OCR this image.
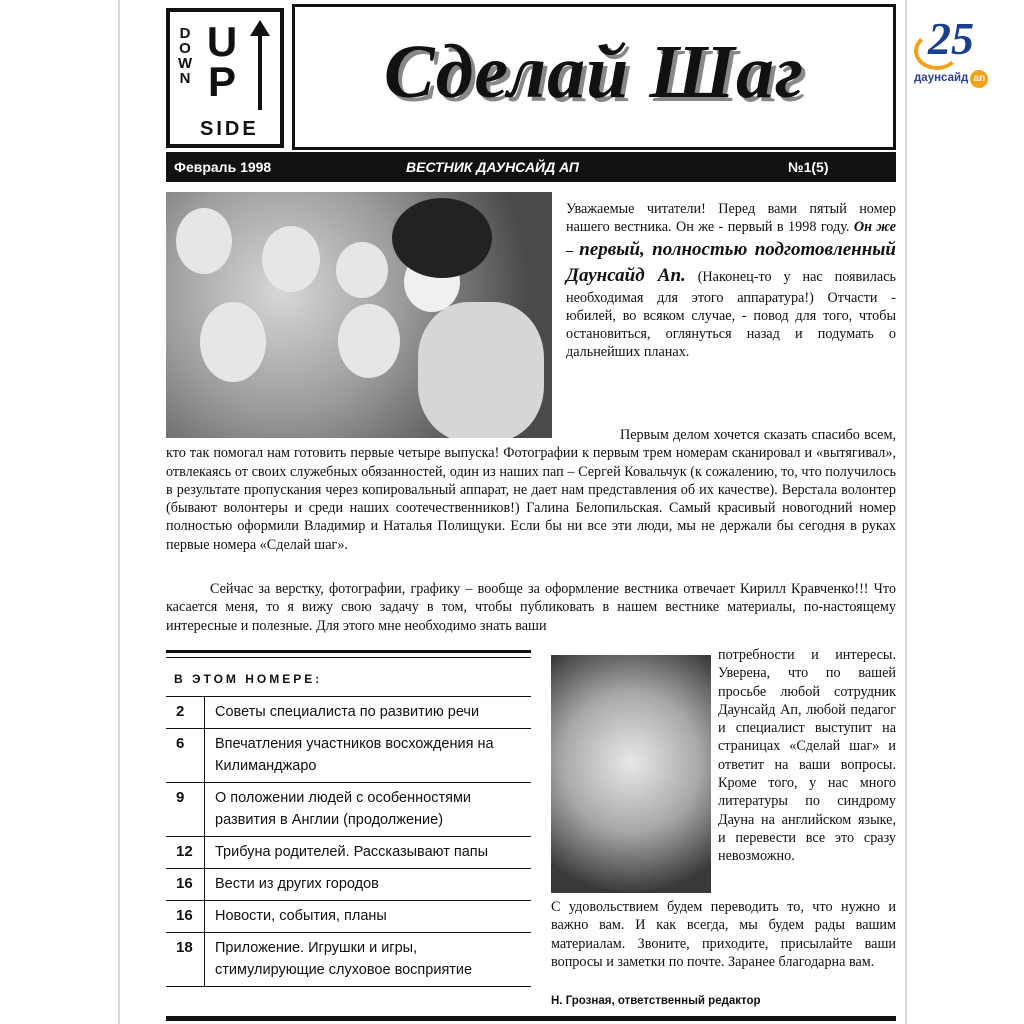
D
O
W
N
U
P
SIDE
Сделай Шаг
Февраль 1998	ВЕСТНИК ДАУНСАЙД АП	№1(5)
Уважаемые читатели! Перед вами пятый номер нашего вестника. Он же - первый в 1998 году. Он же – первый, полностью подготовленный Даунсайд Ап. (Наконец-то у нас появилась необходимая для этого аппаратура!) Отчасти - юбилей, во всяком случае, - повод для того, чтобы остановиться, оглянуться назад и подумать о дальнейших планах.
Первым делом хочется сказать спасибо всем, кто так помогал нам готовить первые четыре выпуска! Фотографии к первым трем номерам сканировал и «вытягивал», отвлекаясь от своих служебных обязанностей, один из наших пап – Сергей Ковальчук (к сожалению, то, что получилось в результате пропускания через копировальный аппарат, не дает нам представления об их качестве). Верстала волонтер (бывают волонтеры и среди наших соотечественников!) Галина Белопильская. Самый красивый новогодний номер полностью оформили Владимир и Наталья Полищуки. Если бы ни все эти люди, мы не держали бы сегодня в руках первые номера «Сделай шаг».
Сейчас за верстку, фотографии, графику – вообще за оформление вестника отвечает Кирилл Кравченко!!! Что касается меня, то я вижу свою задачу в том, чтобы публиковать в нашем вестнике материалы, по-настоящему интересные и полезные. Для этого мне необходимо знать ваши
В ЭТОМ НОМЕРЕ:
2	Советы специалиста по развитию речи
6	Впечатления участников восхождения на Килиманджаро
9	О положении людей с особенностями развития в Англии (продолжение)
12	Трибуна родителей. Рассказывают папы
16	Вести из других городов
16	Новости, события, планы
18	Приложение. Игрушки и игры, стимулирующие слуховое восприятие
потребности и интересы. Уверена, что по вашей просьбе любой сотрудник Даунсайд Ап, любой педагог и специалист выступит на страницах «Сделай шаг» и ответит на ваши вопросы. Кроме того, у нас много литературы по синдрому Дауна на английском языке, и перевести все это сразу невозможно.
С удовольствием будем переводить то, что нужно и важно вам. И как всегда, мы будем рады вашим материалам. Звоните, приходите, присылайте ваши вопросы и заметки по почте. Заранее благодарна вам.
Н. Грозная, ответственный редактор
25
даунсайд ап
